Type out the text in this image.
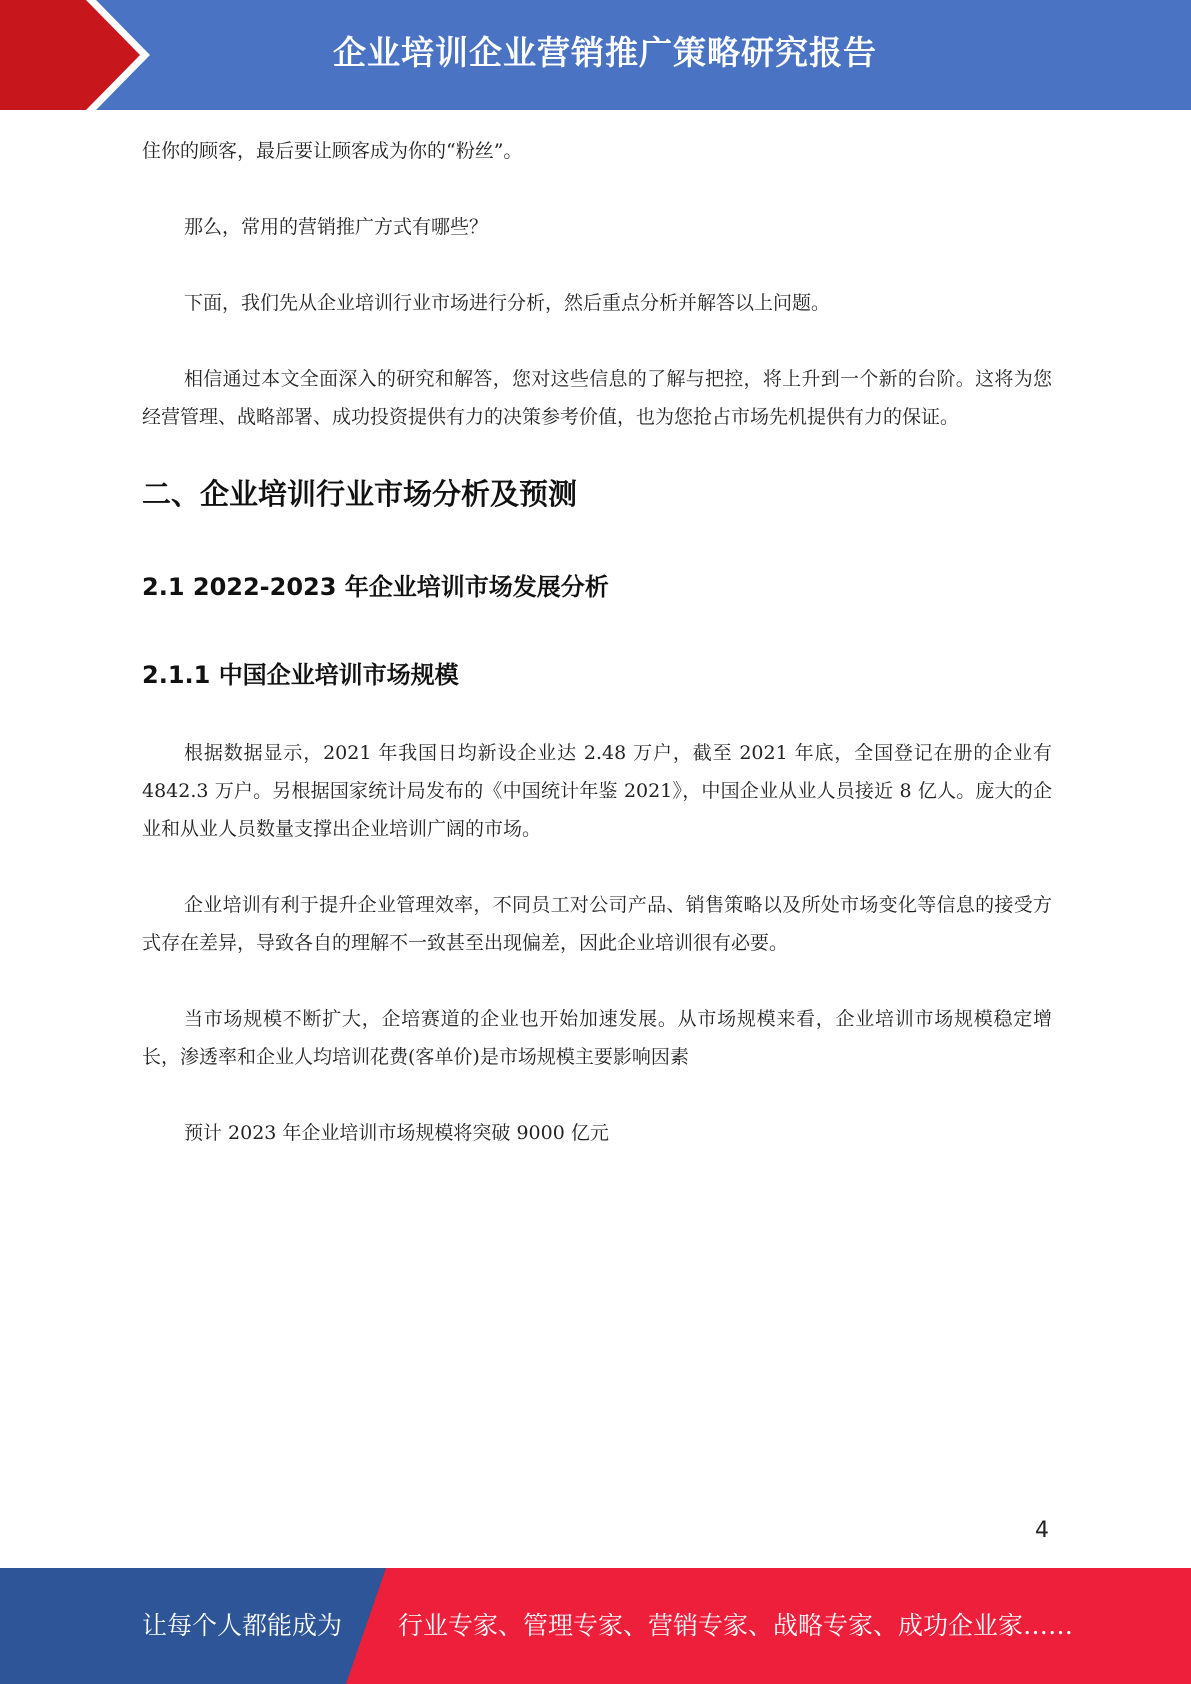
企业培训企业营销推广策略研究报告

住你的顾客，最后要让顾客成为你的“粉丝”。

那么，常用的营销推广方式有哪些？

下面，我们先从企业培训行业市场进行分析，然后重点分析并解答以上问题。

相信通过本文全面深入的研究和解答，您对这些信息的了解与把控，将上升到一个新的台阶。这将为您经营管理、战略部署、成功投资提供有力的决策参考价值，也为您抢占市场先机提供有力的保证。

二、企业培训行业市场分析及预测
2.1 2022-2023 年企业培训市场发展分析
2.1.1 中国企业培训市场规模

根据数据显示，2021 年我国日均新设企业达 2.48 万户，截至 2021 年底，全国登记在册的企业有 4842.3 万户。另根据国家统计局发布的《中国统计年鉴 2021》，中国企业从业人员接近 8 亿人。庞大的企业和从业人员数量支撑出企业培训广阔的市场。

企业培训有利于提升企业管理效率，不同员工对公司产品、销售策略以及所处市场变化等信息的接受方式存在差异，导致各自的理解不一致甚至出现偏差，因此企业培训很有必要。

当市场规模不断扩大，企培赛道的企业也开始加速发展。从市场规模来看，企业培训市场规模稳定增长，渗透率和企业人均培训花费(客单价)是市场规模主要影响因素

预计 2023 年企业培训市场规模将突破 9000 亿元

4
让每个人都能成为 行业专家、管理专家、营销专家、战略专家、成功企业家……
